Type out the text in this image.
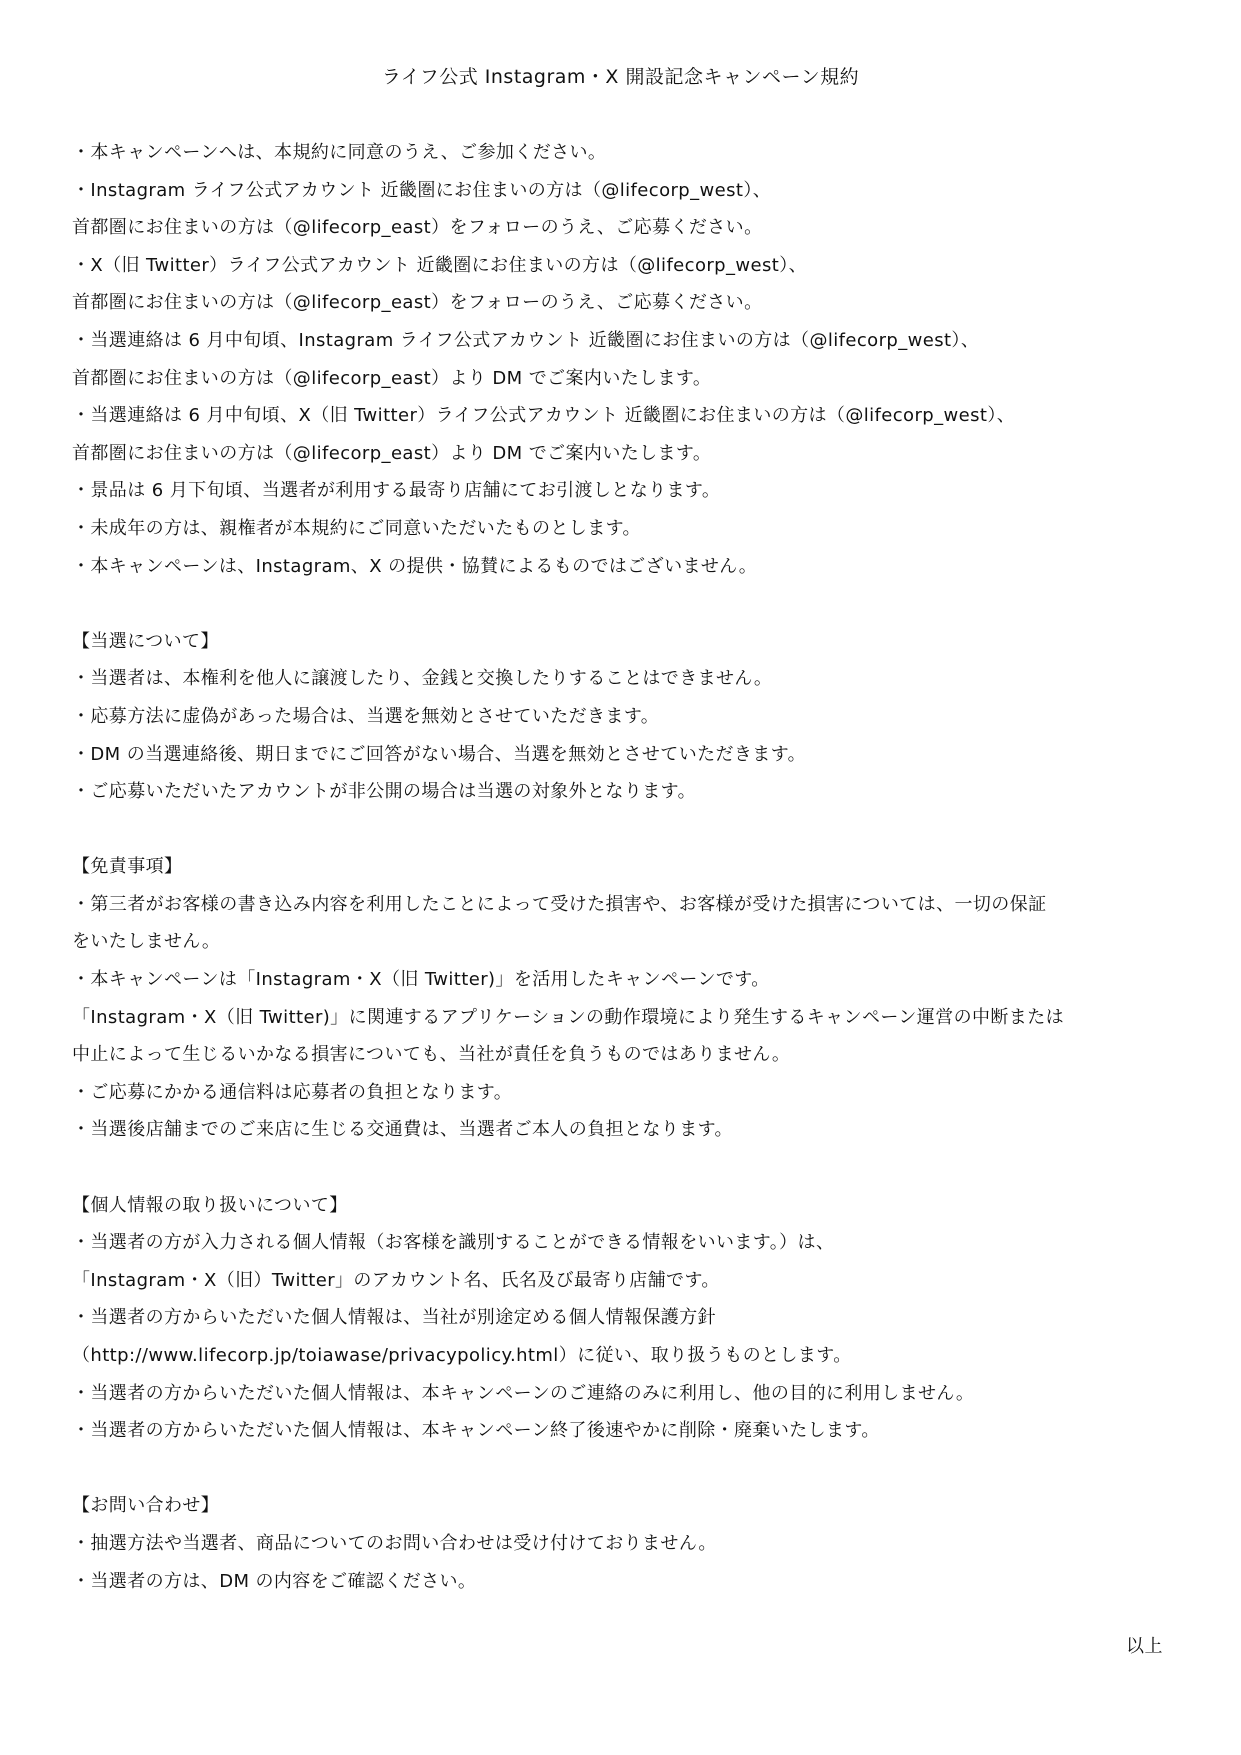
ライフ公式 Instagram・X 開設記念キャンペーン規約
・本キャンペーンへは、本規約に同意のうえ、ご参加ください。
・Instagram ライフ公式アカウント 近畿圏にお住まいの方は（@lifecorp_west）、
首都圏にお住まいの方は（@lifecorp_east）をフォローのうえ、ご応募ください。
・X（旧 Twitter）ライフ公式アカウント 近畿圏にお住まいの方は（@lifecorp_west）、
首都圏にお住まいの方は（@lifecorp_east）をフォローのうえ、ご応募ください。
・当選連絡は 6 月中旬頃、Instagram ライフ公式アカウント 近畿圏にお住まいの方は（@lifecorp_west）、
首都圏にお住まいの方は（@lifecorp_east）より DM でご案内いたします。
・当選連絡は 6 月中旬頃、X（旧 Twitter）ライフ公式アカウント 近畿圏にお住まいの方は（@lifecorp_west）、
首都圏にお住まいの方は（@lifecorp_east）より DM でご案内いたします。
・景品は 6 月下旬頃、当選者が利用する最寄り店舗にてお引渡しとなります。
・未成年の方は、親権者が本規約にご同意いただいたものとします。
・本キャンペーンは、Instagram、X の提供・協賛によるものではございません。
【当選について】
・当選者は、本権利を他人に譲渡したり、金銭と交換したりすることはできません。
・応募方法に虚偽があった場合は、当選を無効とさせていただきます。
・DM の当選連絡後、期日までにご回答がない場合、当選を無効とさせていただきます。
・ご応募いただいたアカウントが非公開の場合は当選の対象外となります。
【免責事項】
・第三者がお客様の書き込み内容を利用したことによって受けた損害や、お客様が受けた損害については、一切の保証
をいたしません。
・本キャンペーンは「Instagram・X（旧 Twitter)」を活用したキャンペーンです。
「Instagram・X（旧 Twitter)」に関連するアプリケーションの動作環境により発生するキャンペーン運営の中断または
中止によって生じるいかなる損害についても、当社が責任を負うものではありません。
・ご応募にかかる通信料は応募者の負担となります。
・当選後店舗までのご来店に生じる交通費は、当選者ご本人の負担となります。
【個人情報の取り扱いについて】
・当選者の方が入力される個人情報（お客様を識別することができる情報をいいます。）は、
「Instagram・X（旧）Twitter」のアカウント名、氏名及び最寄り店舗です。
・当選者の方からいただいた個人情報は、当社が別途定める個人情報保護方針
（http://www.lifecorp.jp/toiawase/privacypolicy.html）に従い、取り扱うものとします。
・当選者の方からいただいた個人情報は、本キャンペーンのご連絡のみに利用し、他の目的に利用しません。
・当選者の方からいただいた個人情報は、本キャンペーン終了後速やかに削除・廃棄いたします。
【お問い合わせ】
・抽選方法や当選者、商品についてのお問い合わせは受け付けておりません。
・当選者の方は、DM の内容をご確認ください。
以上
